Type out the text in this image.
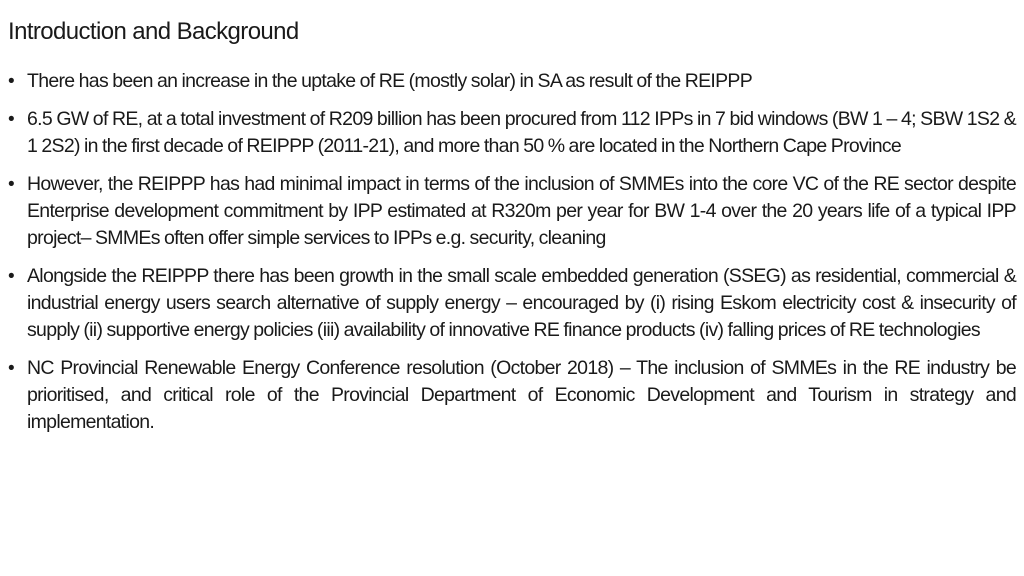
Introduction and Background
• There has been an increase in the uptake of RE (mostly solar) in SA as result of the REIPPP
• 6.5 GW of RE, at a total investment of R209 billion has been procured from 112 IPPs in 7 bid windows (BW 1 – 4; SBW 1S2 & 1 2S2) in the first decade of REIPPP (2011-21), and more than 50 % are located in the Northern Cape Province
• However, the REIPPP has had minimal impact in terms of the inclusion of SMMEs into the core VC of the RE sector despite Enterprise development commitment by IPP estimated at R320m per year for BW 1-4 over the 20 years life of a typical IPP project– SMMEs often offer simple services to IPPs e.g. security, cleaning
• Alongside the REIPPP there has been growth in the small scale embedded generation (SSEG) as residential, commercial & industrial energy users search alternative of supply energy – encouraged by (i) rising Eskom electricity cost & insecurity of supply (ii) supportive energy policies (iii) availability of innovative RE finance products (iv) falling prices of RE technologies
• NC Provincial Renewable Energy Conference resolution (October 2018) – The inclusion of SMMEs in the RE industry be prioritised, and critical role of the Provincial Department of Economic Development and Tourism in strategy and implementation.
